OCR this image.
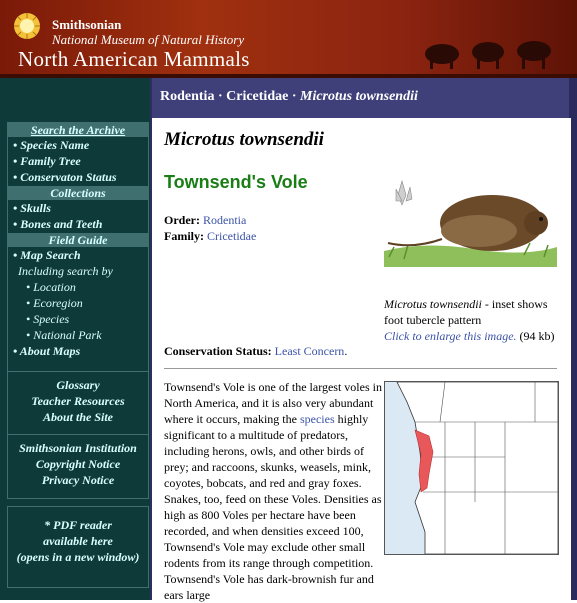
Smithsonian
National Museum of Natural History
North American Mammals
Search the Archive
• Species Name
• Family Tree
• Conservaton Status
Collections
• Skulls
• Bones and Teeth
Field Guide
• Map Search
Including search by
• Location
• Ecoregion
• Species
• National Park
• About Maps
Glossary
Teacher Resources
About the Site
Smithsonian Institution
Copyright Notice
Privacy Notice
* PDF reader
available here
(opens in a new window)
Rodentia · Cricetidae · Microtus townsendii
Microtus townsendii
Townsend's Vole
Order: Rodentia
Family: Cricetidae
Microtus townsendii - inset shows foot tubercle pattern
Click to enlarge this image. (94 kb)
Conservation Status: Least Concern.
Townsend's Vole is one of the largest voles in North America, and it is also very abundant where it occurs, making the species highly significant to a multitude of predators, including herons, owls, and other birds of prey; and raccoons, skunks, weasels, mink, coyotes, bobcats, and red and gray foxes. Snakes, too, feed on these Voles. Densities as high as 800 Voles per hectare have been recorded, and when densities exceed 100, Townsend's Vole may exclude other small rodents from its range through competition. Townsend's Vole has dark-brownish fur and ears large
